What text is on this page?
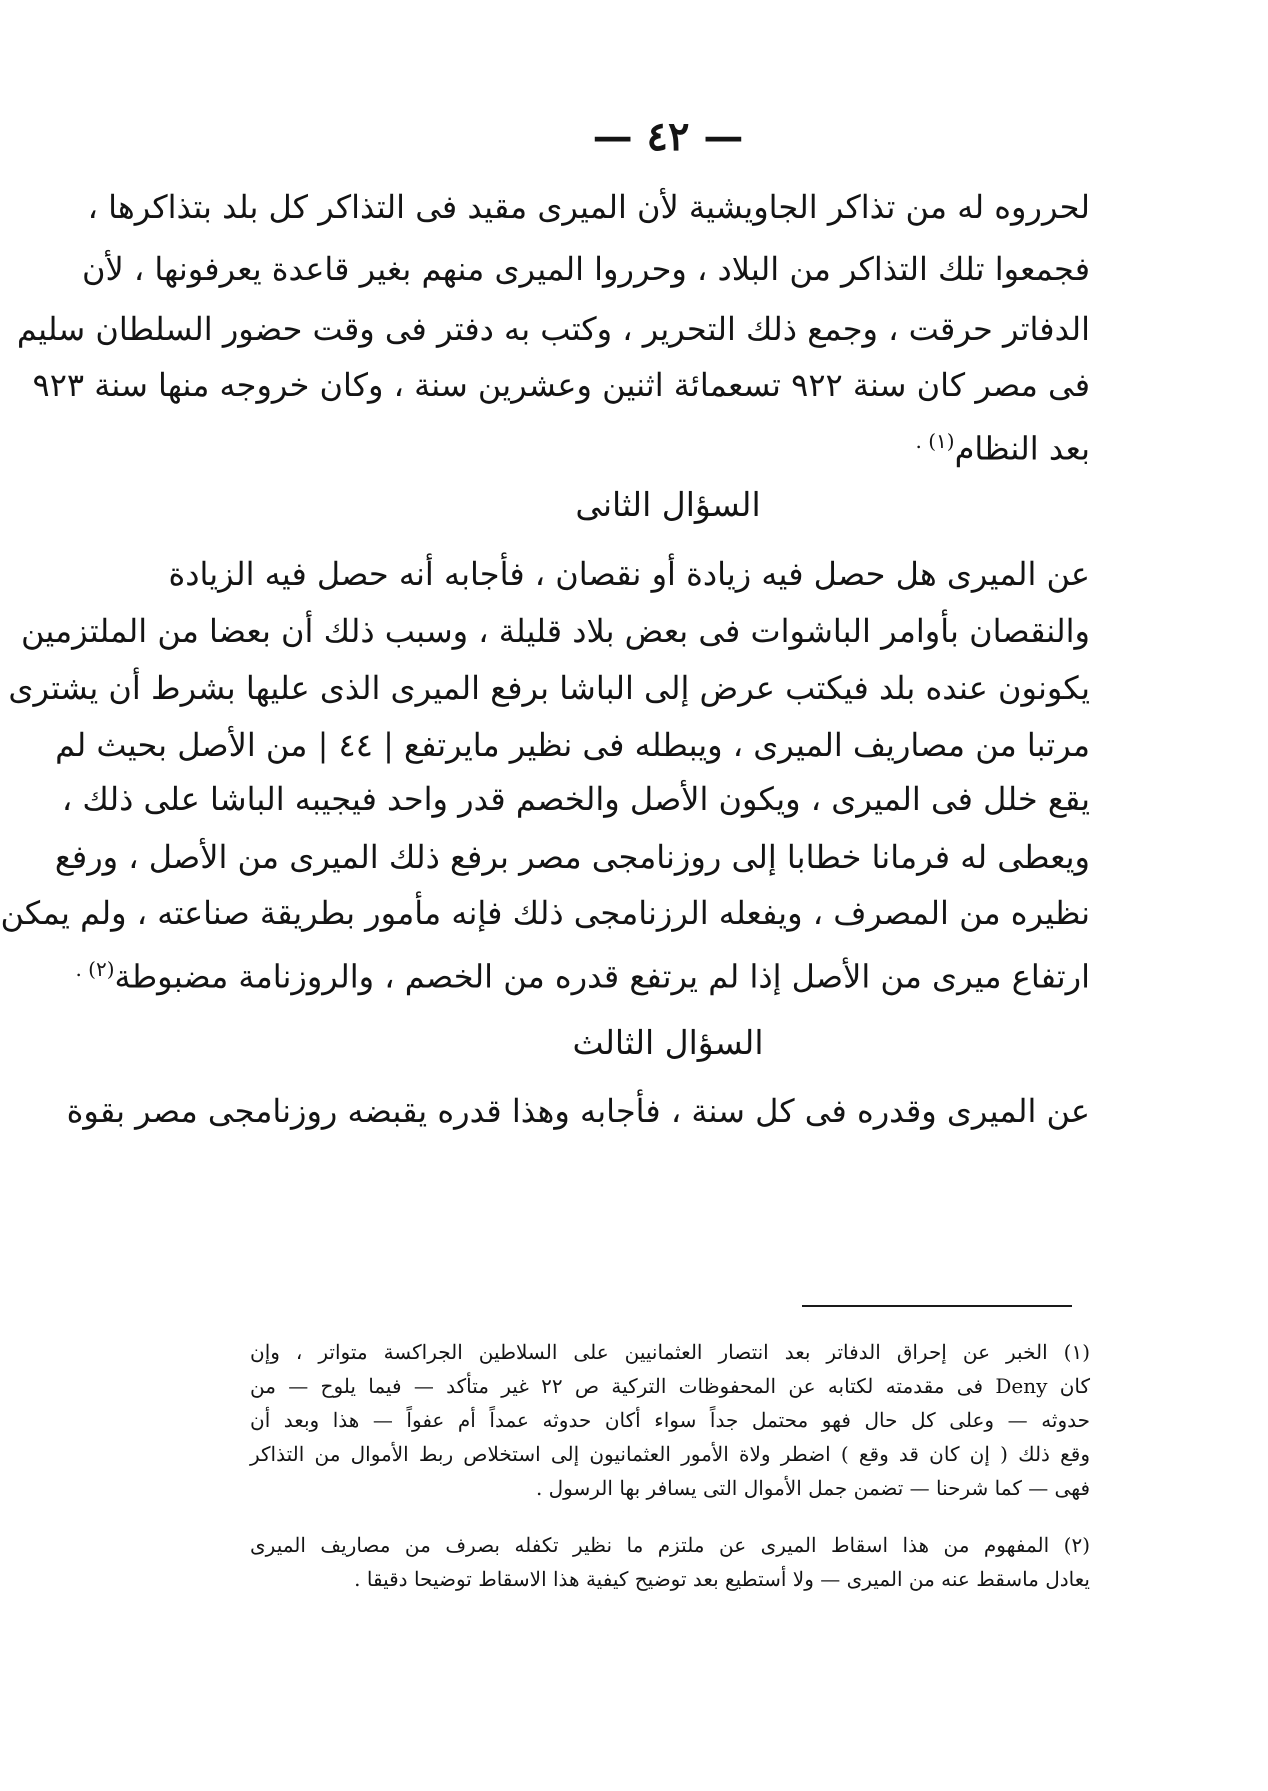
— ٤٢ —
لحرروه له من تذاكر الجاويشية لأن الميرى مقيد فى التذاكر كل بلد بتذاكرها ،
فجمعوا تلك التذاكر من البلاد ، وحرروا الميرى منهم بغير قاعدة يعرفونها ، لأن
الدفاتر حرقت ، وجمع ذلك التحرير ، وكتب به دفتر فى وقت حضور السلطان سليم
فى مصر كان سنة ٩٢٢ تسعمائة اثنين وعشرين سنة ، وكان خروجه منها سنة ٩٢٣
بعد النظام$^{(١) .}$
السؤال الثانى
عن الميرى هل حصل فيه زيادة أو نقصان ، فأجابه أنه حصل فيه الزيادة
والنقصان بأوامر الباشوات فى بعض بلاد قليلة ، وسبب ذلك أن بعضا من الملتزمين
يكونون عنده بلد فيكتب عرض إلى الباشا برفع الميرى الذى عليها بشرط أن يشترى
مرتبا من مصاريف الميرى ، ويبطله فى نظير مايرتفع | ٤٤ | من الأصل بحيث لم
يقع خلل فى الميرى ، ويكون الأصل والخصم قدر واحد فيجيبه الباشا على ذلك ،
ويعطى له فرمانا خطابا إلى روزنامجى مصر برفع ذلك الميرى من الأصل ، ورفع
نظيره من المصرف ، ويفعله الرزنامجى ذلك فإنه مأمور بطريقة صناعته ، ولم يمكن
ارتفاع ميرى من الأصل إذا لم يرتفع قدره من الخصم ، والروزنامة مضبوطة$^{(٢) .}$
السؤال الثالث
عن الميرى وقدره فى كل سنة ، فأجابه وهذا قدره يقبضه روزنامجى مصر بقوة
(١) الخبر عن إحراق الدفاتر بعد انتصار العثمانيين على السلاطين الجراكسة متواتر ، وإن
كان Deny فى مقدمته لكتابه عن المحفوظات التركية ص ٢٢ غير متأكد — فيما يلوح — من
حدوثه — وعلى كل حال فهو محتمل جداً سواء أكان حدوثه عمداً أم عفواً — هذا وبعد أن
وقع ذلك ( إن كان قد وقع ) اضطر ولاة الأمور العثمانيون إلى استخلاص ربط الأموال من التذاكر
فهى — كما شرحنا — تضمن جمل الأموال التى يسافر بها الرسول .
(٢) المفهوم من هذا اسقاط الميرى عن ملتزم ما نظير تكفله بصرف من مصاريف الميرى
يعادل ماسقط عنه من الميرى — ولا أستطيع بعد توضيح كيفية هذا الاسقاط توضيحا دقيقا .
